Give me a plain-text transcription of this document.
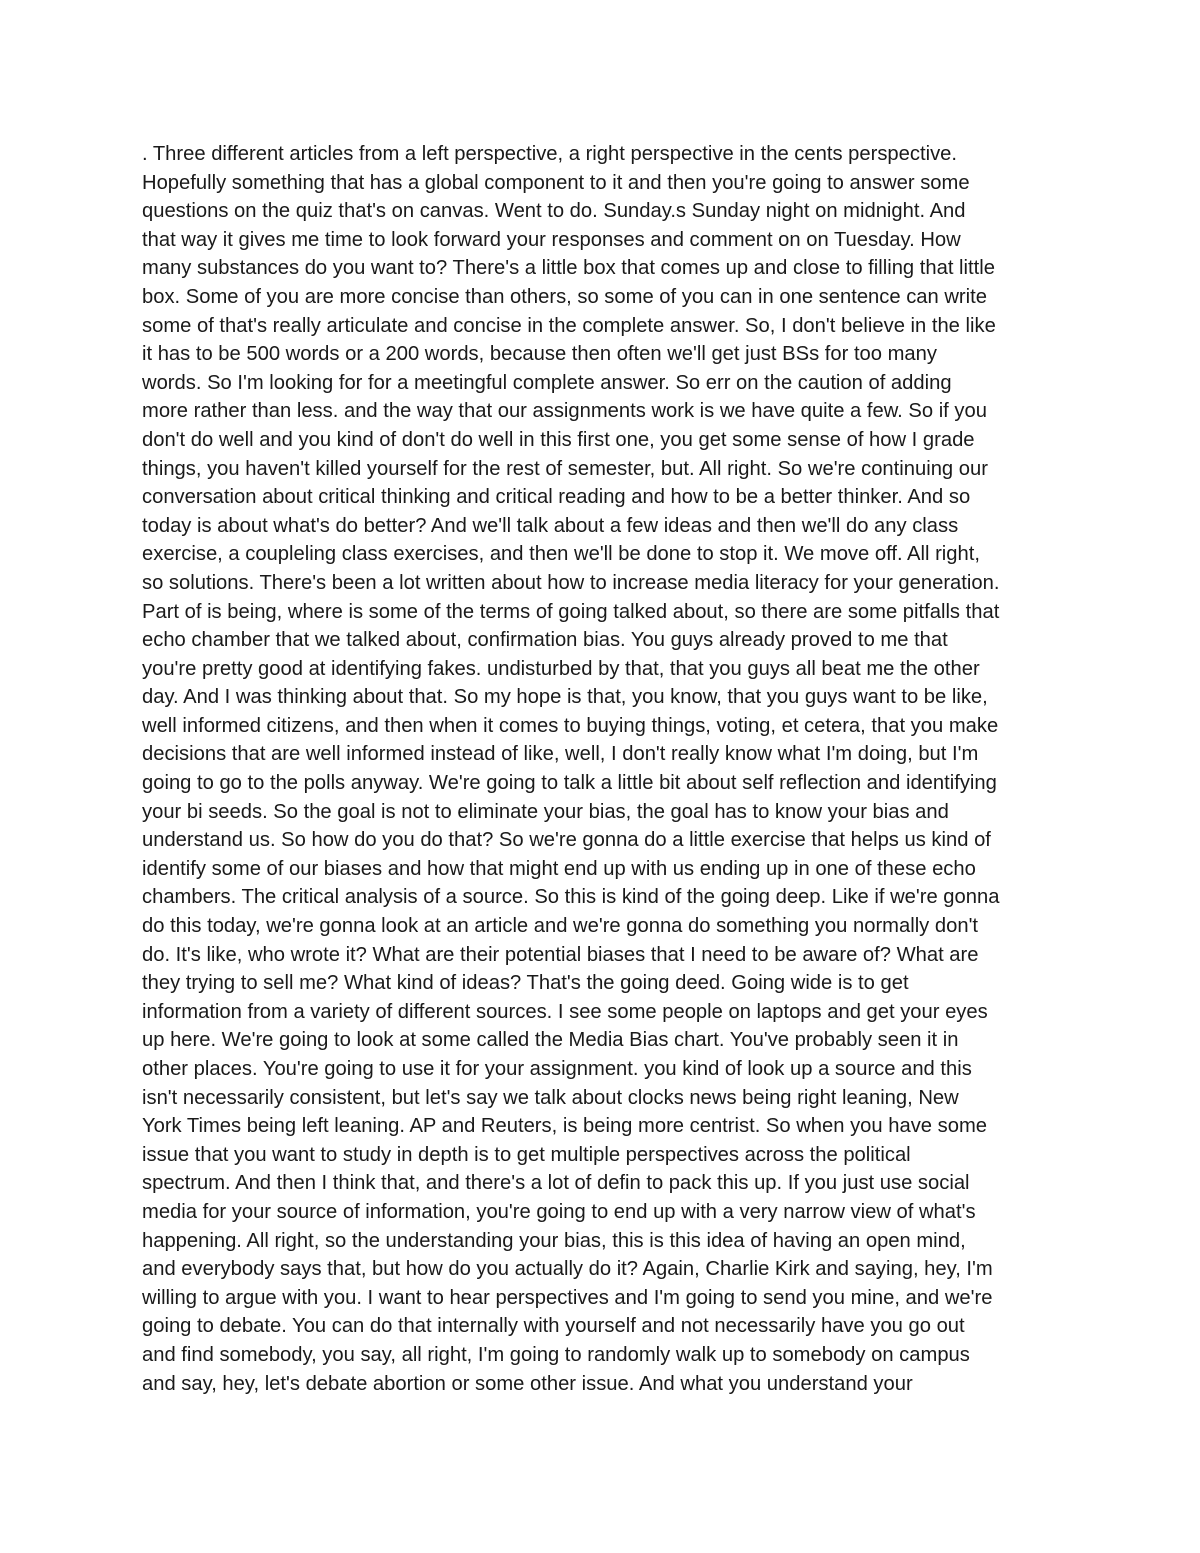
. Three different articles from a left perspective, a right perspective in the cents perspective.
Hopefully something that has a global component to it and then you're going to answer some
questions on the quiz that's on canvas. Went to do. Sunday.s Sunday night on midnight. And
that way it gives me time to look forward your responses and comment on on Tuesday. How
many substances do you want to? There's a little box that comes up and close to filling that little
box. Some of you are more concise than others, so some of you can in one sentence can write
some of that's really articulate and concise in the complete answer. So, I don't believe in the like
it has to be 500 words or a 200 words, because then often we'll get just BSs for too many
words. So I'm looking for for a meetingful complete answer. So err on the caution of adding
more rather than less. and the way that our assignments work is we have quite a few. So if you
don't do well and you kind of don't do well in this first one, you get some sense of how I grade
things, you haven't killed yourself for the rest of semester, but. All right. So we're continuing our
conversation about critical thinking and critical reading and how to be a better thinker. And so
today is about what's do better? And we'll talk about a few ideas and then we'll do any class
exercise, a coupleling class exercises, and then we'll be done to stop it. We move off. All right,
so solutions. There's been a lot written about how to increase media literacy for your generation.
Part of is being, where is some of the terms of going talked about, so there are some pitfalls that
echo chamber that we talked about, confirmation bias. You guys already proved to me that
you're pretty good at identifying fakes. undisturbed by that, that you guys all beat me the other
day. And I was thinking about that. So my hope is that, you know, that you guys want to be like,
well informed citizens, and then when it comes to buying things, voting, et cetera, that you make
decisions that are well informed instead of like, well, I don't really know what I'm doing, but I'm
going to go to the polls anyway. We're going to talk a little bit about self reflection and identifying
your bi seeds. So the goal is not to eliminate your bias, the goal has to know your bias and
understand us. So how do you do that? So we're gonna do a little exercise that helps us kind of
identify some of our biases and how that might end up with us ending up in one of these echo
chambers. The critical analysis of a source. So this is kind of the going deep. Like if we're gonna
do this today, we're gonna look at an article and we're gonna do something you normally don't
do. It's like, who wrote it? What are their potential biases that I need to be aware of? What are
they trying to sell me? What kind of ideas? That's the going deed. Going wide is to get
information from a variety of different sources. I see some people on laptops and get your eyes
up here. We're going to look at some called the Media Bias chart. You've probably seen it in
other places. You're going to use it for your assignment. you kind of look up a source and this
isn't necessarily consistent, but let's say we talk about clocks news being right leaning, New
York Times being left leaning. AP and Reuters, is being more centrist. So when you have some
issue that you want to study in depth is to get multiple perspectives across the political
spectrum. And then I think that, and there's a lot of defin to pack this up. If you just use social
media for your source of information, you're going to end up with a very narrow view of what's
happening. All right, so the understanding your bias, this is this idea of having an open mind,
and everybody says that, but how do you actually do it? Again, Charlie Kirk and saying, hey, I'm
willing to argue with you. I want to hear perspectives and I'm going to send you mine, and we're
going to debate. You can do that internally with yourself and not necessarily have you go out
and find somebody, you say, all right, I'm going to randomly walk up to somebody on campus
and say, hey, let's debate abortion or some other issue. And what you understand your
